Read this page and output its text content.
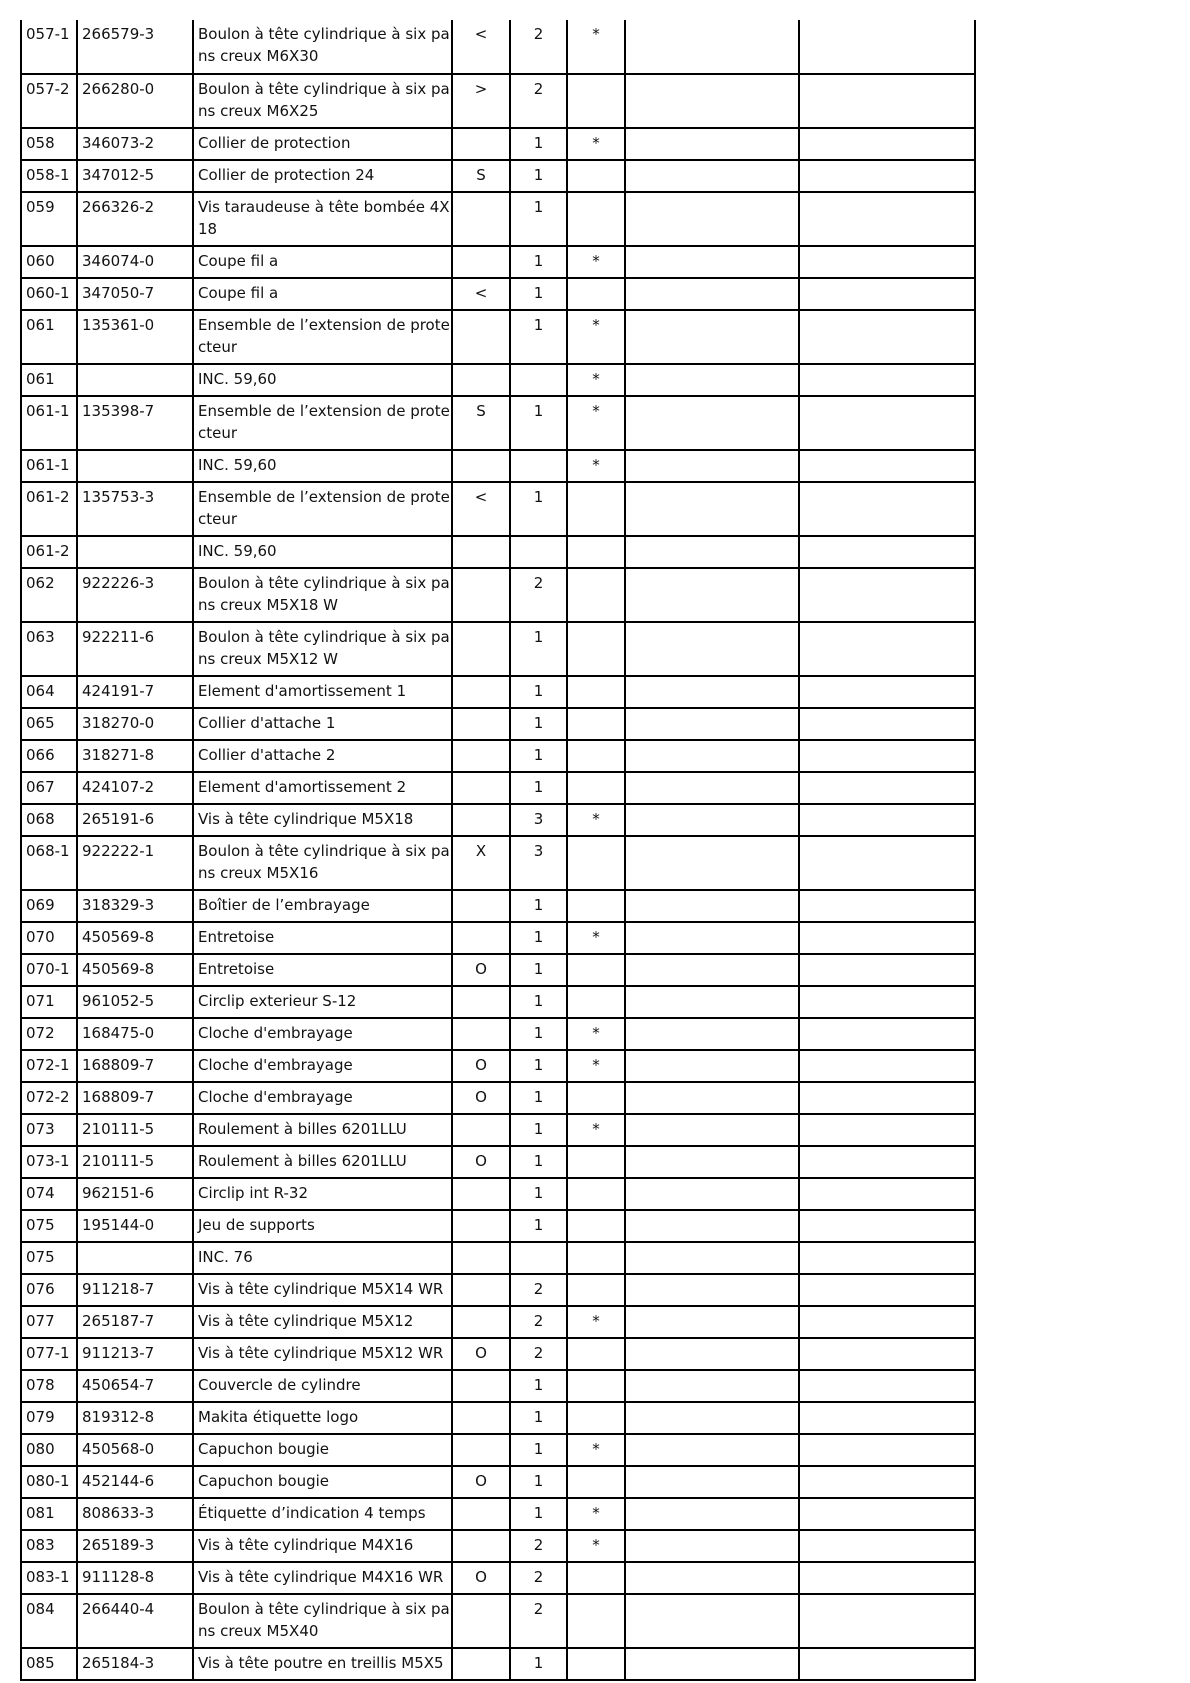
057-1	266579-3	Boulon à tête cylindrique à six pans creux M6X30	<	2	*		
057-2	266280-0	Boulon à tête cylindrique à six pans creux M6X25	>	2			
058	346073-2	Collier de protection		1	*		
058-1	347012-5	Collier de protection 24	S	1			
059	266326-2	Vis taraudeuse à tête bombée 4X18		1			
060	346074-0	Coupe fil a		1	*		
060-1	347050-7	Coupe fil a	<	1			
061	135361-0	Ensemble de l’extension de protecteur		1	*		
061		INC. 59,60			*		
061-1	135398-7	Ensemble de l’extension de protecteur	S	1	*		
061-1		INC. 59,60			*		
061-2	135753-3	Ensemble de l’extension de protecteur	<	1			
061-2		INC. 59,60					
062	922226-3	Boulon à tête cylindrique à six pans creux M5X18 W		2			
063	922211-6	Boulon à tête cylindrique à six pans creux M5X12 W		1			
064	424191-7	Element d'amortissement 1		1			
065	318270-0	Collier d'attache 1		1			
066	318271-8	Collier d'attache 2		1			
067	424107-2	Element d'amortissement 2		1			
068	265191-6	Vis à tête cylindrique M5X18		3	*		
068-1	922222-1	Boulon à tête cylindrique à six pans creux M5X16	X	3			
069	318329-3	Boîtier de l’embrayage		1			
070	450569-8	Entretoise		1	*		
070-1	450569-8	Entretoise	O	1			
071	961052-5	Circlip exterieur S-12		1			
072	168475-0	Cloche d'embrayage		1	*		
072-1	168809-7	Cloche d'embrayage	O	1	*		
072-2	168809-7	Cloche d'embrayage	O	1			
073	210111-5	Roulement à billes 6201LLU		1	*		
073-1	210111-5	Roulement à billes 6201LLU	O	1			
074	962151-6	Circlip int R-32		1			
075	195144-0	Jeu de supports		1			
075		INC. 76					
076	911218-7	Vis à tête cylindrique M5X14 WR		2			
077	265187-7	Vis à tête cylindrique M5X12		2	*		
077-1	911213-7	Vis à tête cylindrique M5X12 WR	O	2			
078	450654-7	Couvercle de cylindre		1			
079	819312-8	Makita étiquette logo		1			
080	450568-0	Capuchon bougie		1	*		
080-1	452144-6	Capuchon bougie	O	1			
081	808633-3	Étiquette d’indication 4 temps		1	*		
083	265189-3	Vis à tête cylindrique M4X16		2	*		
083-1	911128-8	Vis à tête cylindrique M4X16 WR	O	2			
084	266440-4	Boulon à tête cylindrique à six pans creux M5X40		2			
085	265184-3	Vis à tête poutre en treillis M5X5		1			
